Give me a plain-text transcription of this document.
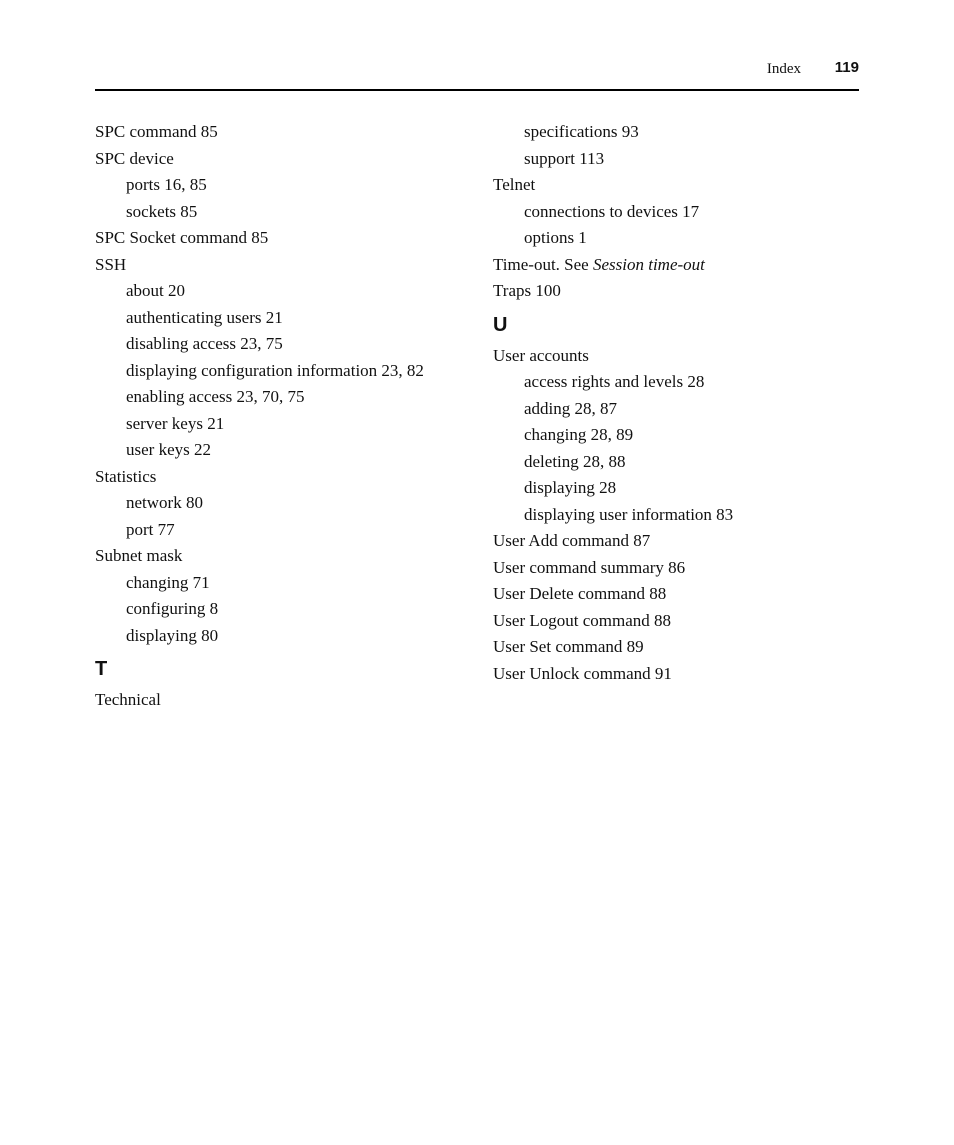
Index 119
SPC command 85
SPC device
ports 16, 85
sockets 85
SPC Socket command 85
SSH
about 20
authenticating users 21
disabling access 23, 75
displaying configuration information 23, 82
enabling access 23, 70, 75
server keys 21
user keys 22
Statistics
network 80
port 77
Subnet mask
changing 71
configuring 8
displaying 80
T
Technical
specifications 93
support 113
Telnet
connections to devices 17
options 1
Time-out. See Session time-out
Traps 100
U
User accounts
access rights and levels 28
adding 28, 87
changing 28, 89
deleting 28, 88
displaying 28
displaying user information 83
User Add command 87
User command summary 86
User Delete command 88
User Logout command 88
User Set command 89
User Unlock command 91
